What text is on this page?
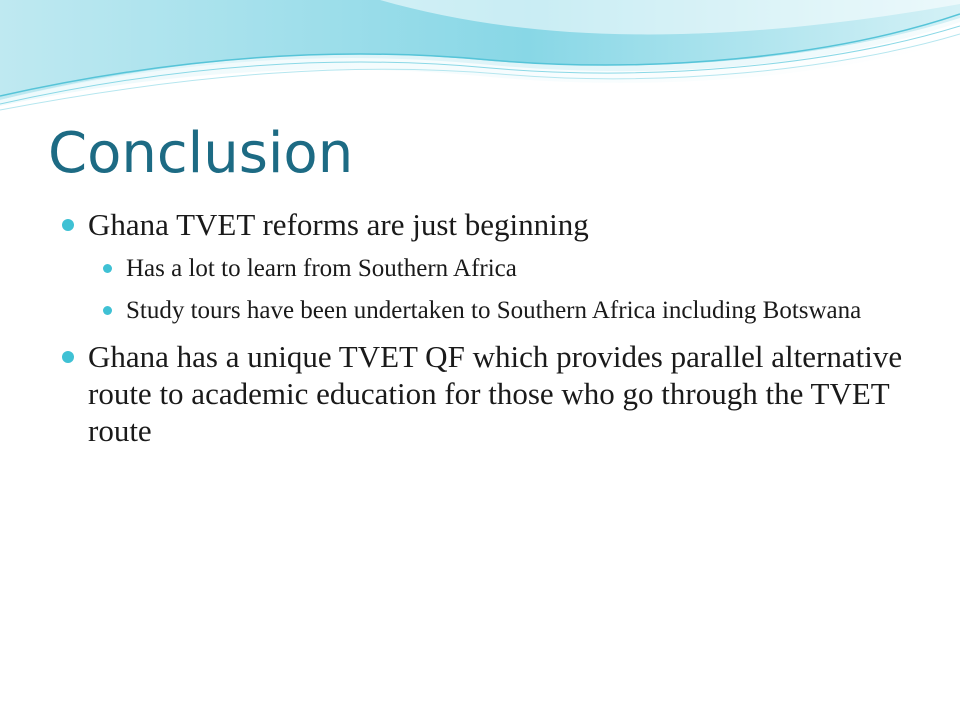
Conclusion
Ghana TVET reforms are just beginning
Has a lot to learn from Southern Africa
Study tours have been undertaken to Southern Africa including Botswana
Ghana has a unique TVET QF which provides parallel alternative route to academic education for those who go through the TVET route
